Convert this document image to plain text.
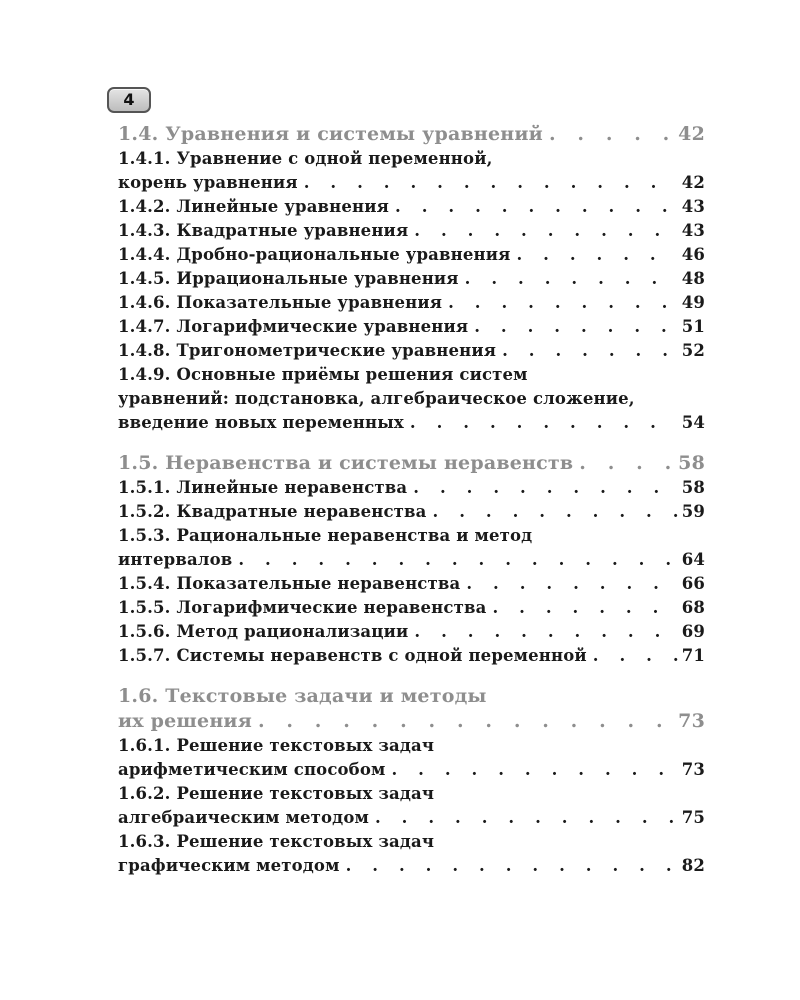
4
1.4. Уравнения и системы уравнений . . .	42
1.4.1. Уравнение с одной переменной,
корень уравнения . . .	42
1.4.2. Линейные уравнения . . .	43
1.4.3. Квадратные уравнения . . .	43
1.4.4. Дробно-рациональные уравнения . . .	46
1.4.5. Иррациональные уравнения . . .	48
1.4.6. Показательные уравнения . . .	49
1.4.7. Логарифмические уравнения . . .	51
1.4.8. Тригонометрические уравнения . . .	52
1.4.9. Основные приёмы решения систем
уравнений: подстановка, алгебраическое сложение,
введение новых переменных . . .	54
1.5. Неравенства и системы неравенств . . .	58
1.5.1. Линейные неравенства . . .	58
1.5.2. Квадратные неравенства . . .	59
1.5.3. Рациональные неравенства и метод
интервалов . . .	64
1.5.4. Показательные неравенства . . .	66
1.5.5. Логарифмические неравенства . . .	68
1.5.6. Метод рационализации . . .	69
1.5.7. Системы неравенств с одной переменной . . .	71
1.6. Текстовые задачи и методы
их решения . . .	73
1.6.1. Решение текстовых задач
арифметическим способом . . .	73
1.6.2. Решение текстовых задач
алгебраическим методом . . .	75
1.6.3. Решение текстовых задач
графическим методом . . .	82
